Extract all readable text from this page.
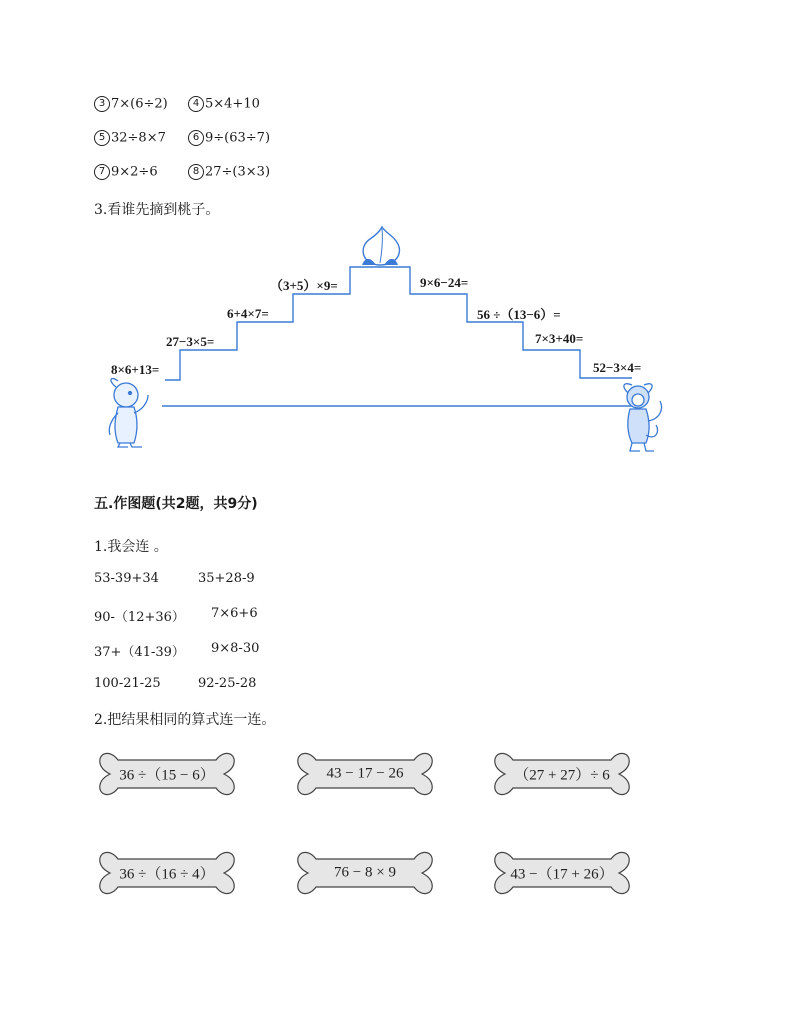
3 7×(6÷2)	4 5×4+10
5 32÷8×7	6 9÷(63÷7)
7 9×2÷6	8 27÷(3×3)
3.看谁先摘到桃子。
8×6+13=
27−3×5=
6+4×7=
（3+5）×9=	9×6−24=
56 ÷（13−6）=
7×3+40=
52−3×4=
五.作图题(共2题，共9分)
1.我会连 。
53-39+34	35+28-9
90-（12+36） 7×6+6
37+（41-39） 9×8-30
100-21-25	92-25-28
2.把结果相同的算式连一连。
36 ÷（15 − 6）	43 − 17 − 26	（27 + 27）÷ 6
36 ÷（16 ÷ 4）	76 − 8 × 9	43 −（17 + 26）
